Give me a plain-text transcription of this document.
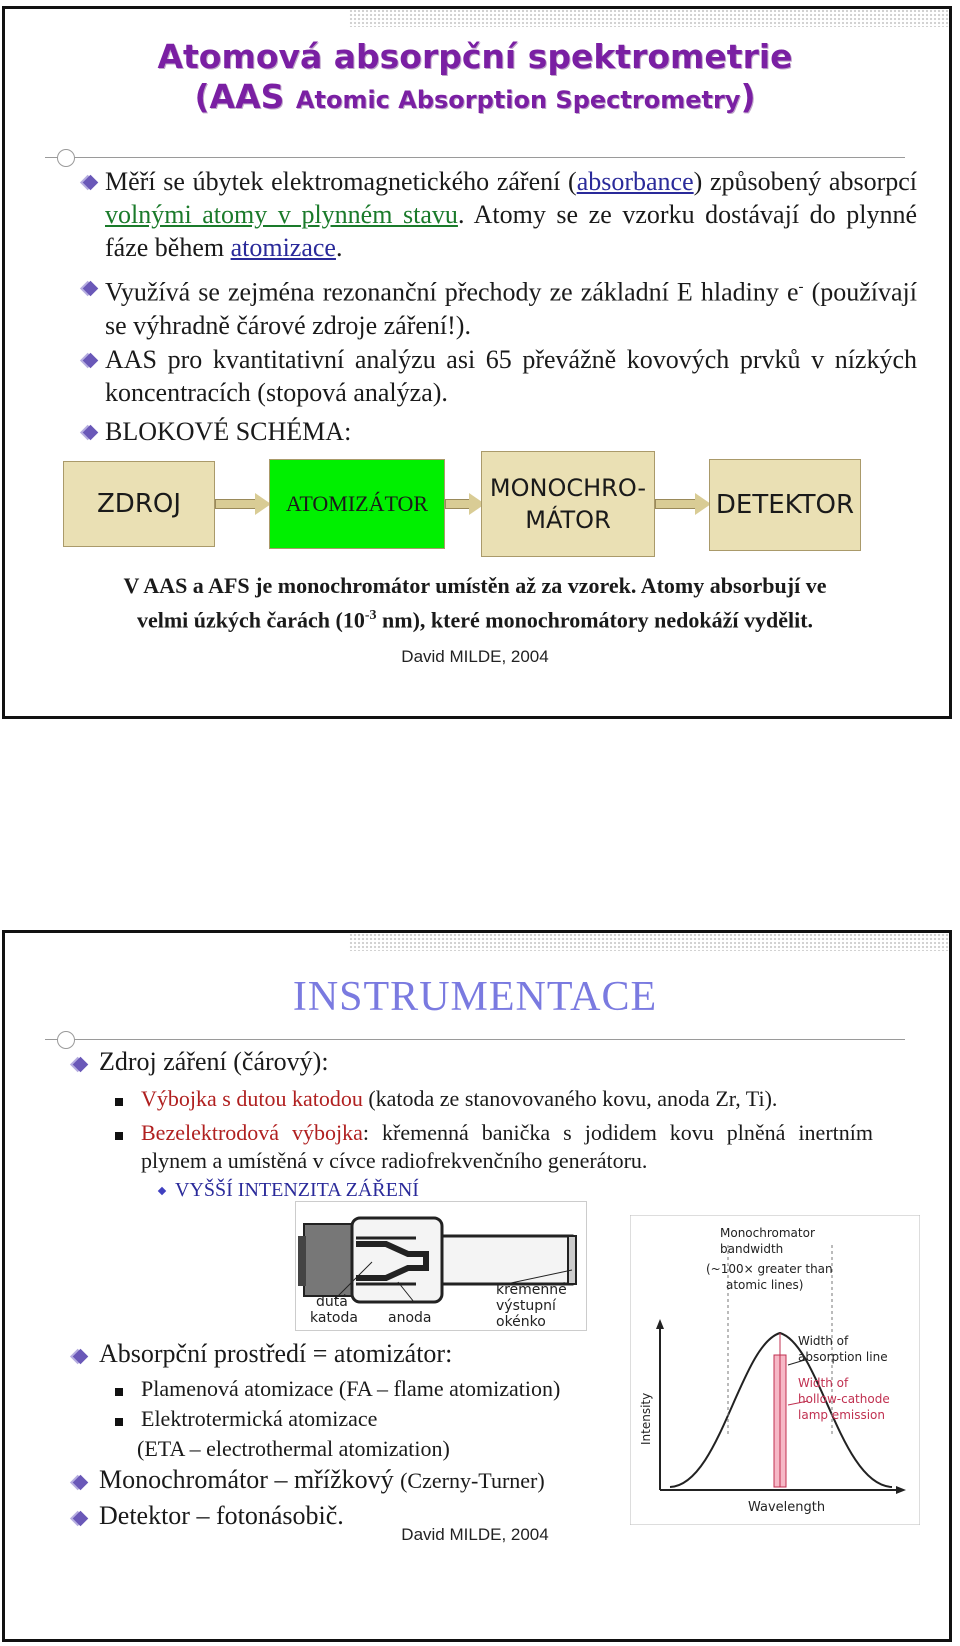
Atomová absorpční spektrometrie
(AAS Atomic Absorption Spectrometry)
Měří se úbytek elektromagnetického záření (absorbance) způsobený absorpcí volnými atomy v plynném stavu. Atomy se ze vzorku dostávají do plynné fáze během atomizace.
Využívá se zejména rezonanční přechody ze základní E hladiny e- (používají se výhradně čárové zdroje záření!).
AAS pro kvantitativní analýzu asi 65 převážně kovových prvků v nízkých koncentracích (stopová analýza).
BLOKOVÉ SCHÉMA:
ZDROJ	ATOMIZÁTOR
MONOCHRO-
MÁTOR	DETEKTOR
V AAS a AFS je monochromátor umístěn až za vzorek. Atomy absorbují ve
velmi úzkých čarách ($10^{-3}$ nm), které monochromátory nedokáží vydělit.
David MILDE, 2004
INSTRUMENTACE
Zdroj záření (čárový):
Výbojka s dutou katodou (katoda ze stanovovaného kovu, anoda Zr, Ti).
Bezelektrodová výbojka: křemenná banička s jodidem kovu plněná inertním plynem a umístěná v cívce radiofrekvenčního generátoru.
VYŠŠÍ INTENZITA ZÁŘENÍ
dutá
katoda anoda
křemenné
výstupní
okénko
Monochromator
bandwidth
(~100× greater than
atomic lines)
Width of
absorption line
Width of
hollow-cathode
lamp emission
Intensity
Wavelength
Absorpční prostředí = atomizátor:
Plamenová atomizace (FA – flame atomization)
Elektrotermická atomizace
(ETA – electrothermal atomization)
Monochromátor – mřížkový (Czerny-Turner)
Detektor – fotonásobič.
David MILDE, 2004
